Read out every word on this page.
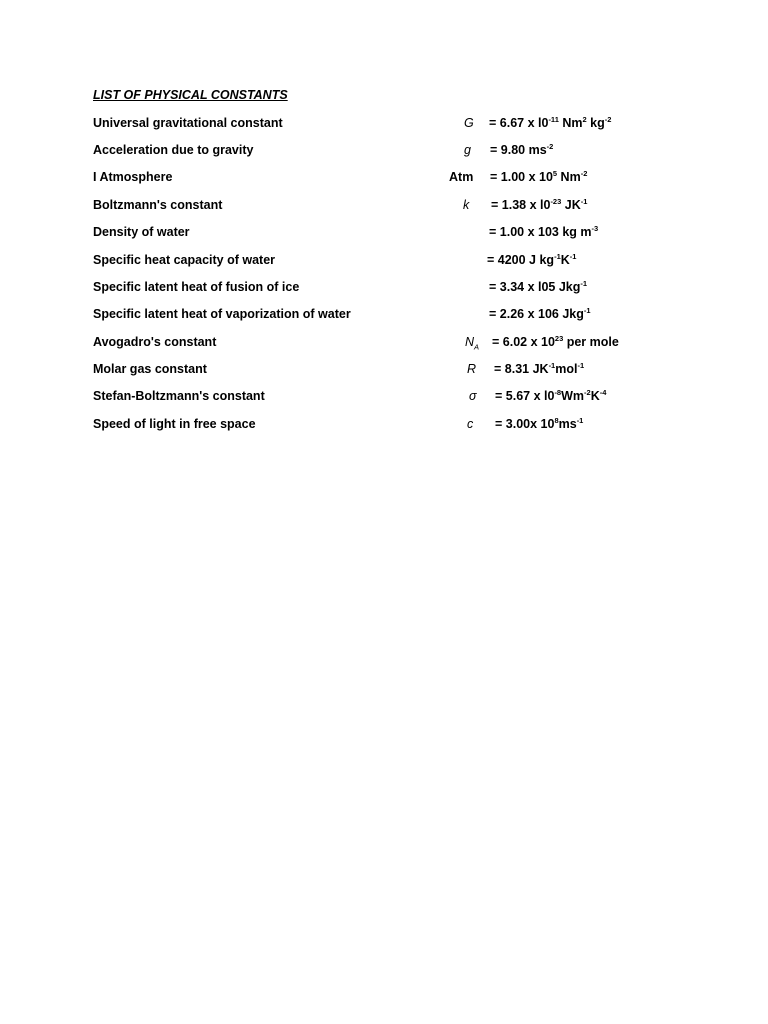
LIST OF PHYSICAL CONSTANTS
Universal gravitational constant	G = 6.67 x $l0^{-11}$ Nm$^2$ $kg^{-2}$
Acceleration due to gravity	g = 9.80 $ms^{-2}$
I Atmosphere	Atm = 1.00 x $10^5$ $Nm^{-2}$
Boltzmann's constant	k = 1.38 x $l0^{-23}$ $JK^{-1}$
Density of water	= 1.00 x 103 kg $m^{-3}$
Specific heat capacity of water	= 4200 J $kg^{-1}K^{-1}$
Specific latent heat of fusion of ice	= 3.34 x l05 Jkg$^{-1}$
Specific latent heat of vaporization of water	= 2.26 x 106 Jkg$^{-1}$
Avogadro's constant	$N_A = 6.02$ x $10^{23}$ per mole
Molar gas constant	R = 8.31 $JK^{-1}mol^{-1}$
Stefan-Boltzmann's constant	σ = 5.67 x $l0^{-8}Wm^{-2}K^{-4}$
Speed of light in free space	c = 3.00x $10^8ms^{-1}$
